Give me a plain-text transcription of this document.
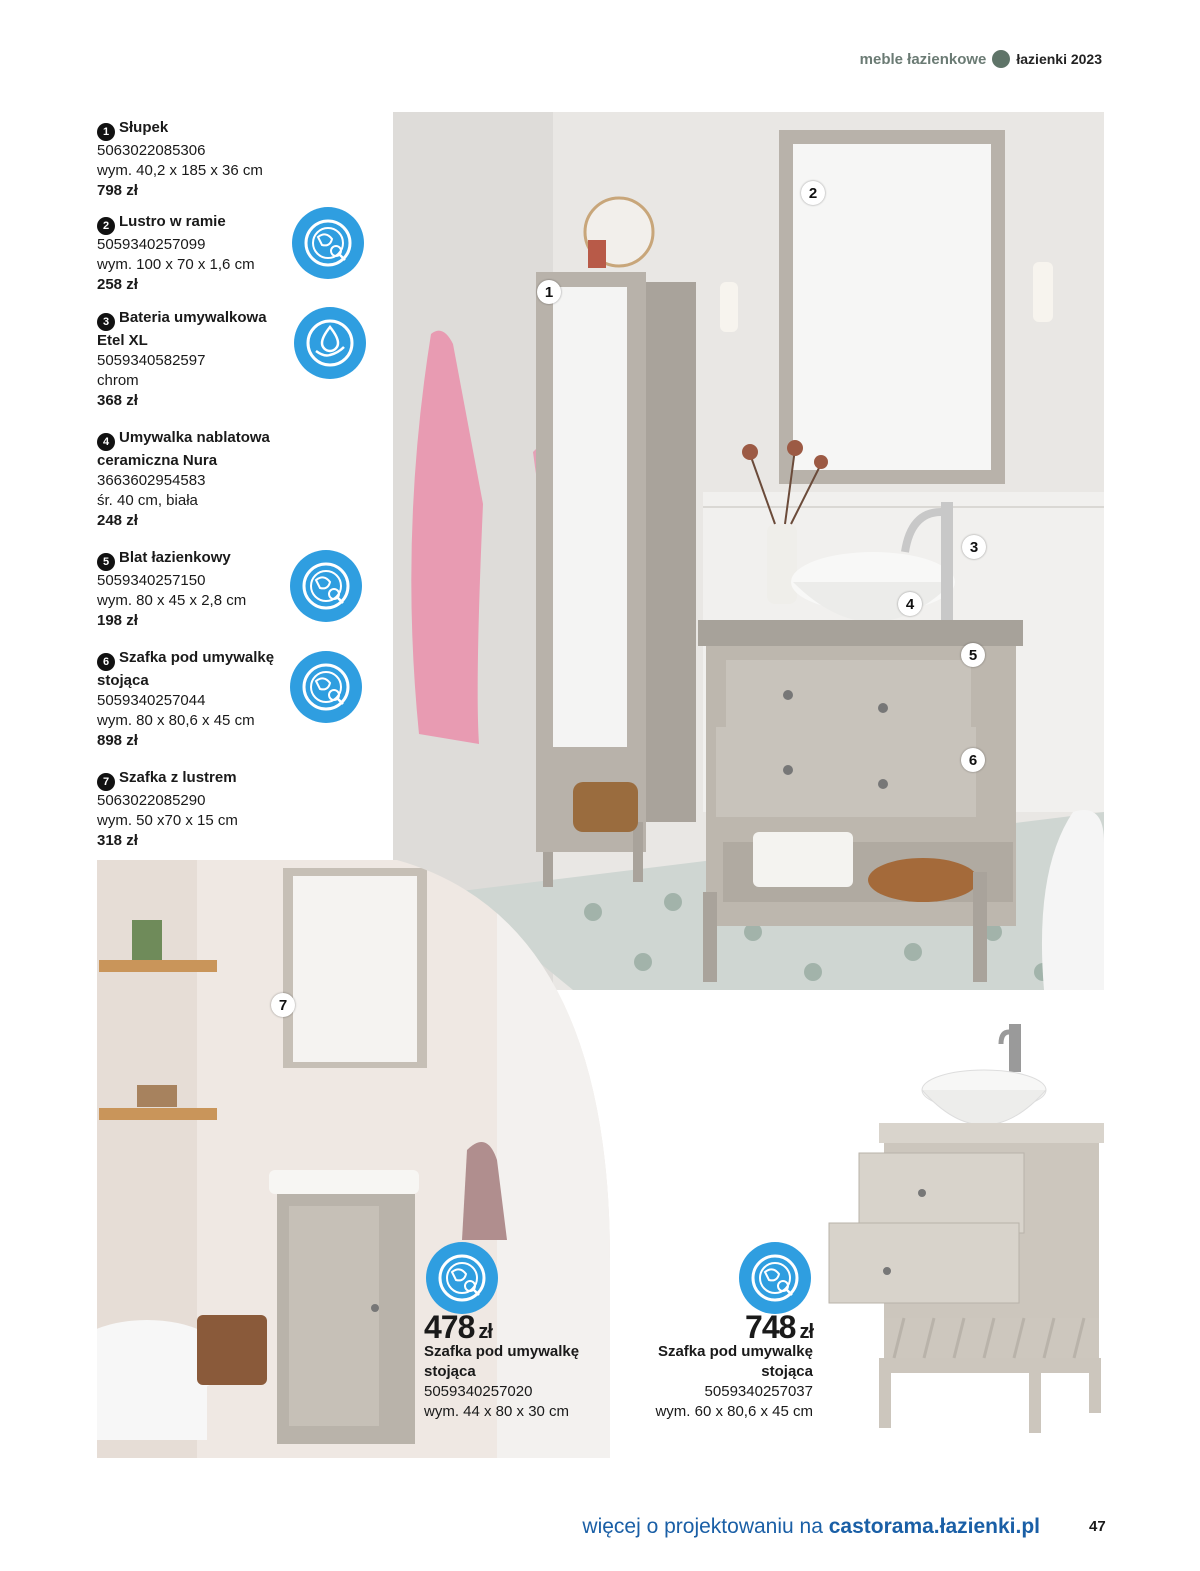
meble łazienkowe łazienki 2023
1 Słupek
5063022085306
wym. 40,2 x 185 x 36 cm
798 zł
2 Lustro w ramie
5059340257099
wym. 100 x 70 x 1,6 cm
258 zł
3 Bateria umywalkowa
Etel XL
5059340582597
chrom
368 zł
4 Umywalka nablatowa
ceramiczna Nura
3663602954583
śr. 40 cm, biała
248 zł
5 Blat łazienkowy
5059340257150
wym. 80 x 45 x 2,8 cm
198 zł
6 Szafka pod umywalkę
stojąca
5059340257044
wym. 80 x 80,6 x 45 cm
898 zł
7 Szafka z lustrem
5063022085290
wym. 50 x70 x 15 cm
318 zł
1
2
3
4
5
6
7
478 zł
Szafka pod umywalkę
stojąca
5059340257020
wym. 44 x 80 x 30 cm
748 zł
Szafka pod umywalkę
stojąca
5059340257037
wym. 60 x 80,6 x 45 cm
więcej o projektowaniu na castorama.łazienki.pl	47
